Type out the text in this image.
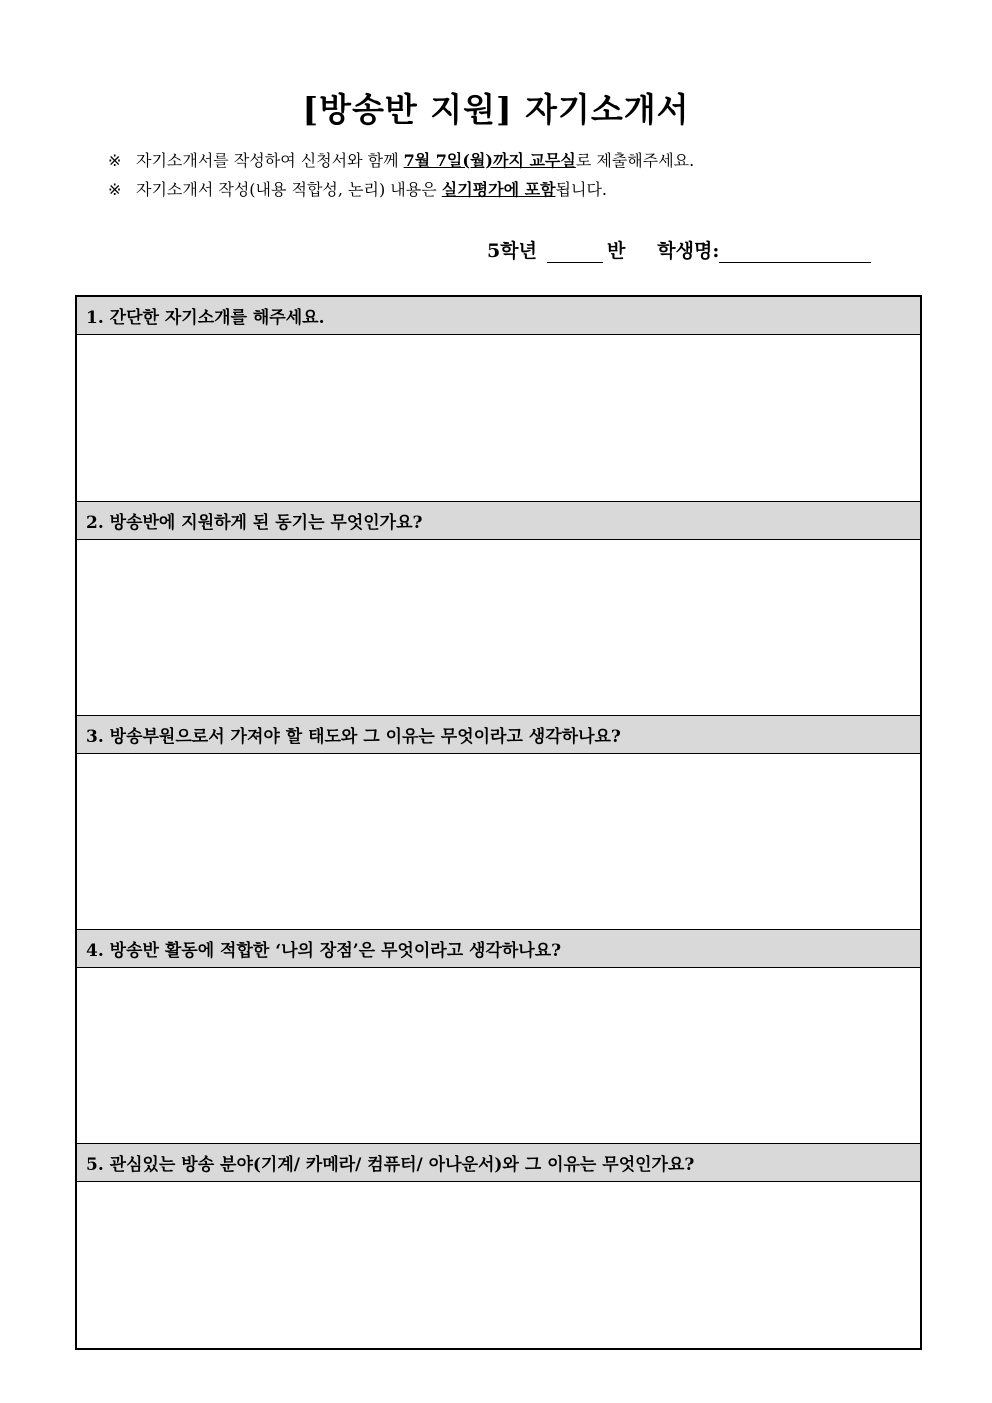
[방송반 지원] 자기소개서
※ 자기소개서를 작성하여 신청서와 함께 7월 7일(월)까지 교무실로 제출해주세요.
※ 자기소개서 작성(내용 적합성, 논리) 내용은 실기평가에 포함됩니다.
5학년	반 학생명:
1. 간단한 자기소개를 해주세요.
2. 방송반에 지원하게 된 동기는 무엇인가요?
3. 방송부원으로서 가져야 할 태도와 그 이유는 무엇이라고 생각하나요?
4. 방송반 활동에 적합한 ‘나의 장점’은 무엇이라고 생각하나요?
5. 관심있는 방송 분야(기계/ 카메라/ 컴퓨터/ 아나운서)와 그 이유는 무엇인가요?
